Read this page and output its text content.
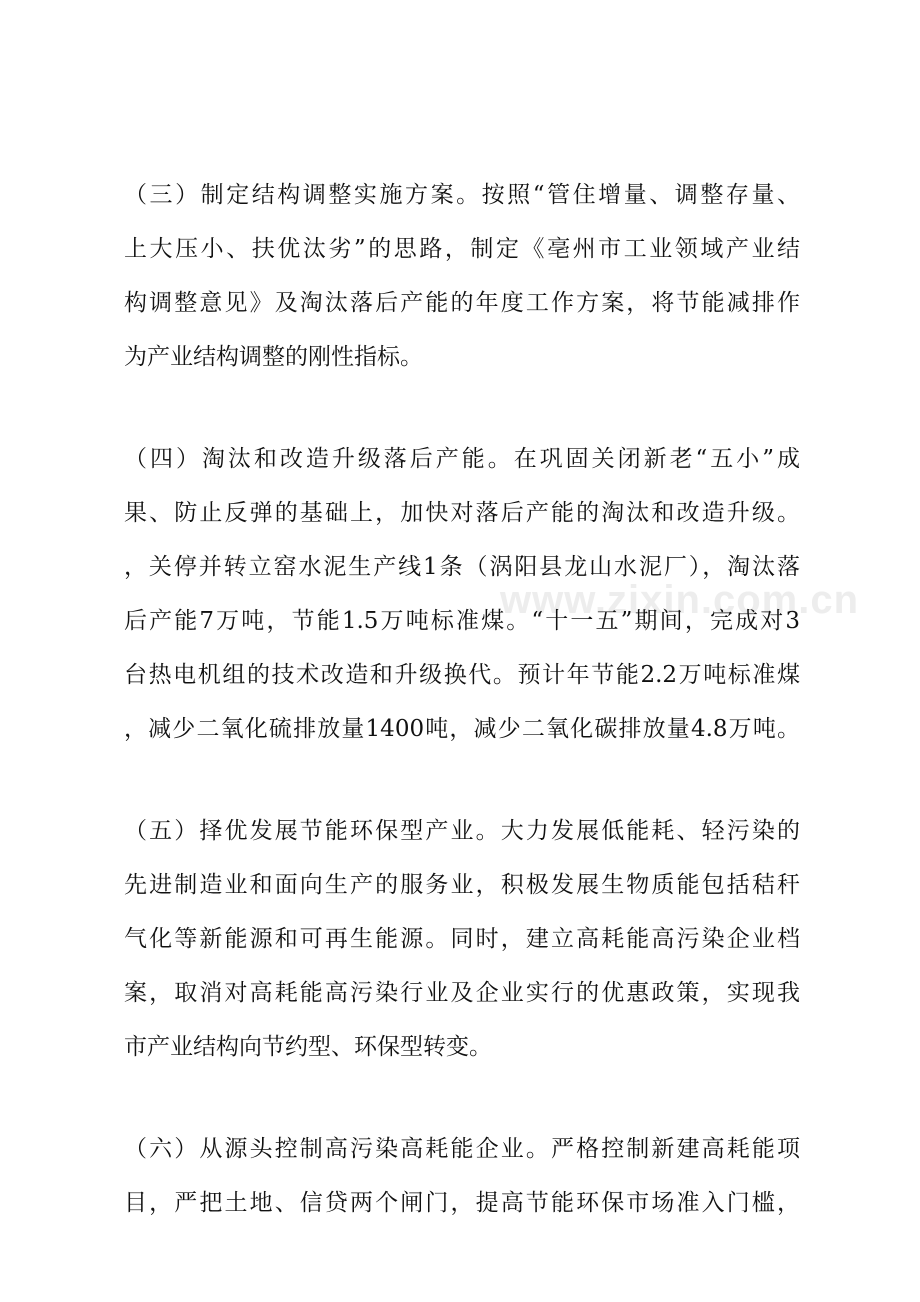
www.zixin.com.cn
（三）制定结构调整实施方案。按照“管住增量、调整存量、
上大压小、扶优汰劣”的思路，制定《亳州市工业领域产业结
构调整意见》及淘汰落后产能的年度工作方案，将节能减排作
为产业结构调整的刚性指标。
（四）淘汰和改造升级落后产能。在巩固关闭新老“五小”成
果、防止反弹的基础上，加快对落后产能的淘汰和改造升级。
，关停并转立窑水泥生产线1条（涡阳县龙山水泥厂），淘汰落
后产能7万吨，节能1.5万吨标准煤。“十一五”期间，完成对3
台热电机组的技术改造和升级换代。预计年节能2.2万吨标准煤
，减少二氧化硫排放量1400吨，减少二氧化碳排放量4.8万吨。
（五）择优发展节能环保型产业。大力发展低能耗、轻污染的
先进制造业和面向生产的服务业，积极发展生物质能包括秸秆
气化等新能源和可再生能源。同时，建立高耗能高污染企业档
案，取消对高耗能高污染行业及企业实行的优惠政策，实现我
市产业结构向节约型、环保型转变。
（六）从源头控制高污染高耗能企业。严格控制新建高耗能项
目，严把土地、信贷两个闸门，提高节能环保市场准入门槛，
